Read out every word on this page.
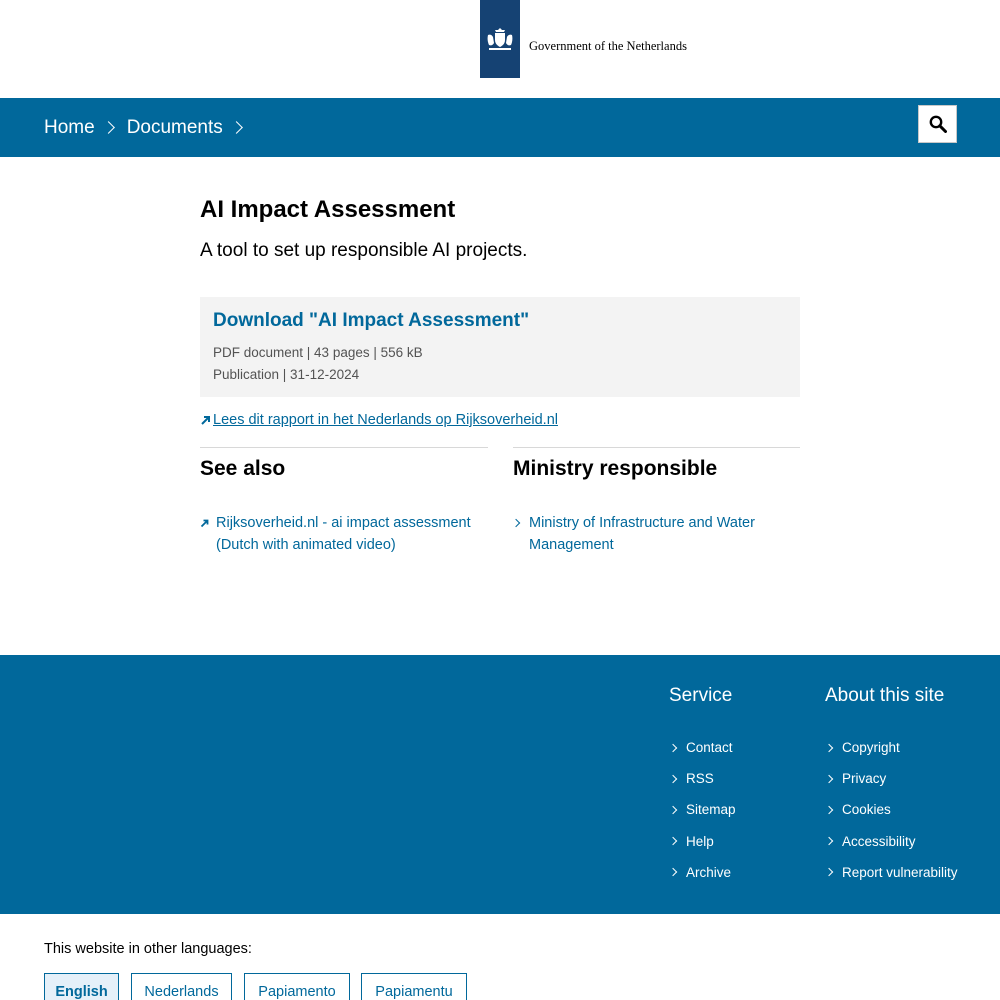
Government of the Netherlands
Home Documents
AI Impact Assessment

A tool to set up responsible AI projects.

Download "AI Impact Assessment"
PDF document | 43 pages | 556 kB
Publication | 31-12-2024
Lees dit rapport in het Nederlands op Rijksoverheid.nl
See also	Ministry responsible
Rijksoverheid.nl - ai impact assessment
(Dutch with animated video)
Ministry of Infrastructure and Water
Management
Service
Contact
RSS
Sitemap
Help
Archive
About this site
Copyright
Privacy
Cookies
Accessibility
Report vulnerability
This website in other languages:
English	Nederlands	Papiamento	Papiamentu
